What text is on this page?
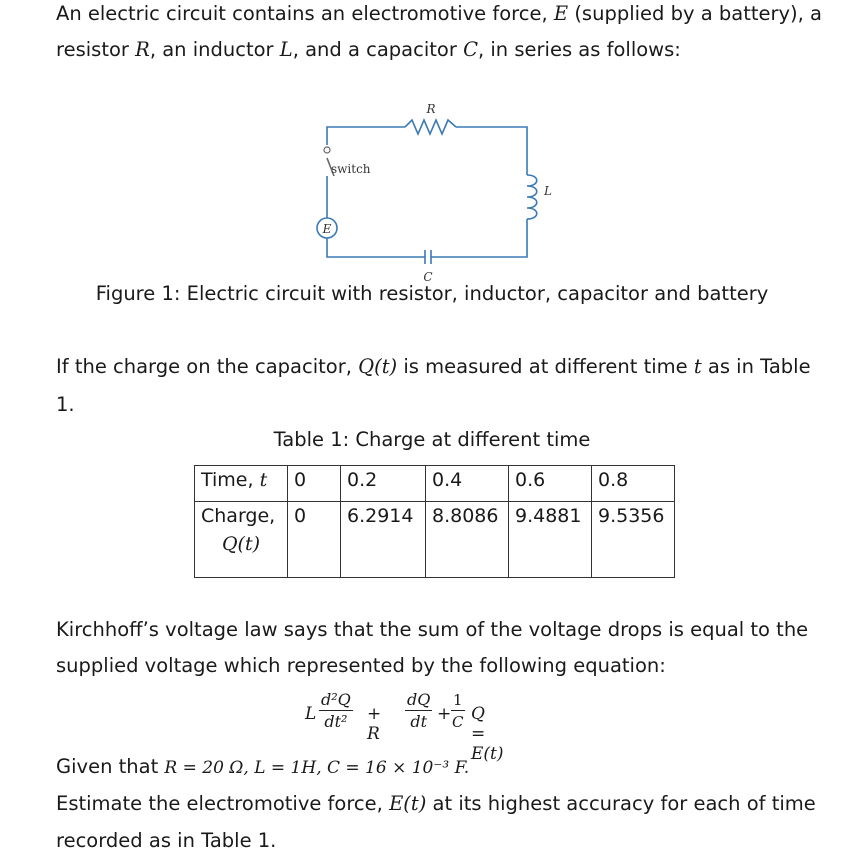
An electric circuit contains an electromotive force, E (supplied by a battery), a
resistor R, an inductor L, and a capacitor C, in series as follows:
E
R
switch
L
C
Figure 1: Electric circuit with resistor, inductor, capacitor and battery
If the charge on the capacitor, Q(t) is measured at different time t as in Table
1.
Table 1: Charge at different time
Time, t	0	0.2	0.4	0.6	0.8
Charge,
Q(t)	0	6.2914	8.8086	9.4881	9.5356
Kirchhoff’s voltage law says that the sum of the voltage drops is equal to the
supplied voltage which represented by the following equation:
L $\frac{\text{d²Q}}{\text{dt²}} + R$
$\frac{dQ}{dt} + \frac{1}{C}$ Q = E(t)
Given that R = 20 Ω, L = 1H, C = 16 × 10⁻³ F.
Estimate the electromotive force, E(t) at its highest accuracy for each of time
recorded as in Table 1.
